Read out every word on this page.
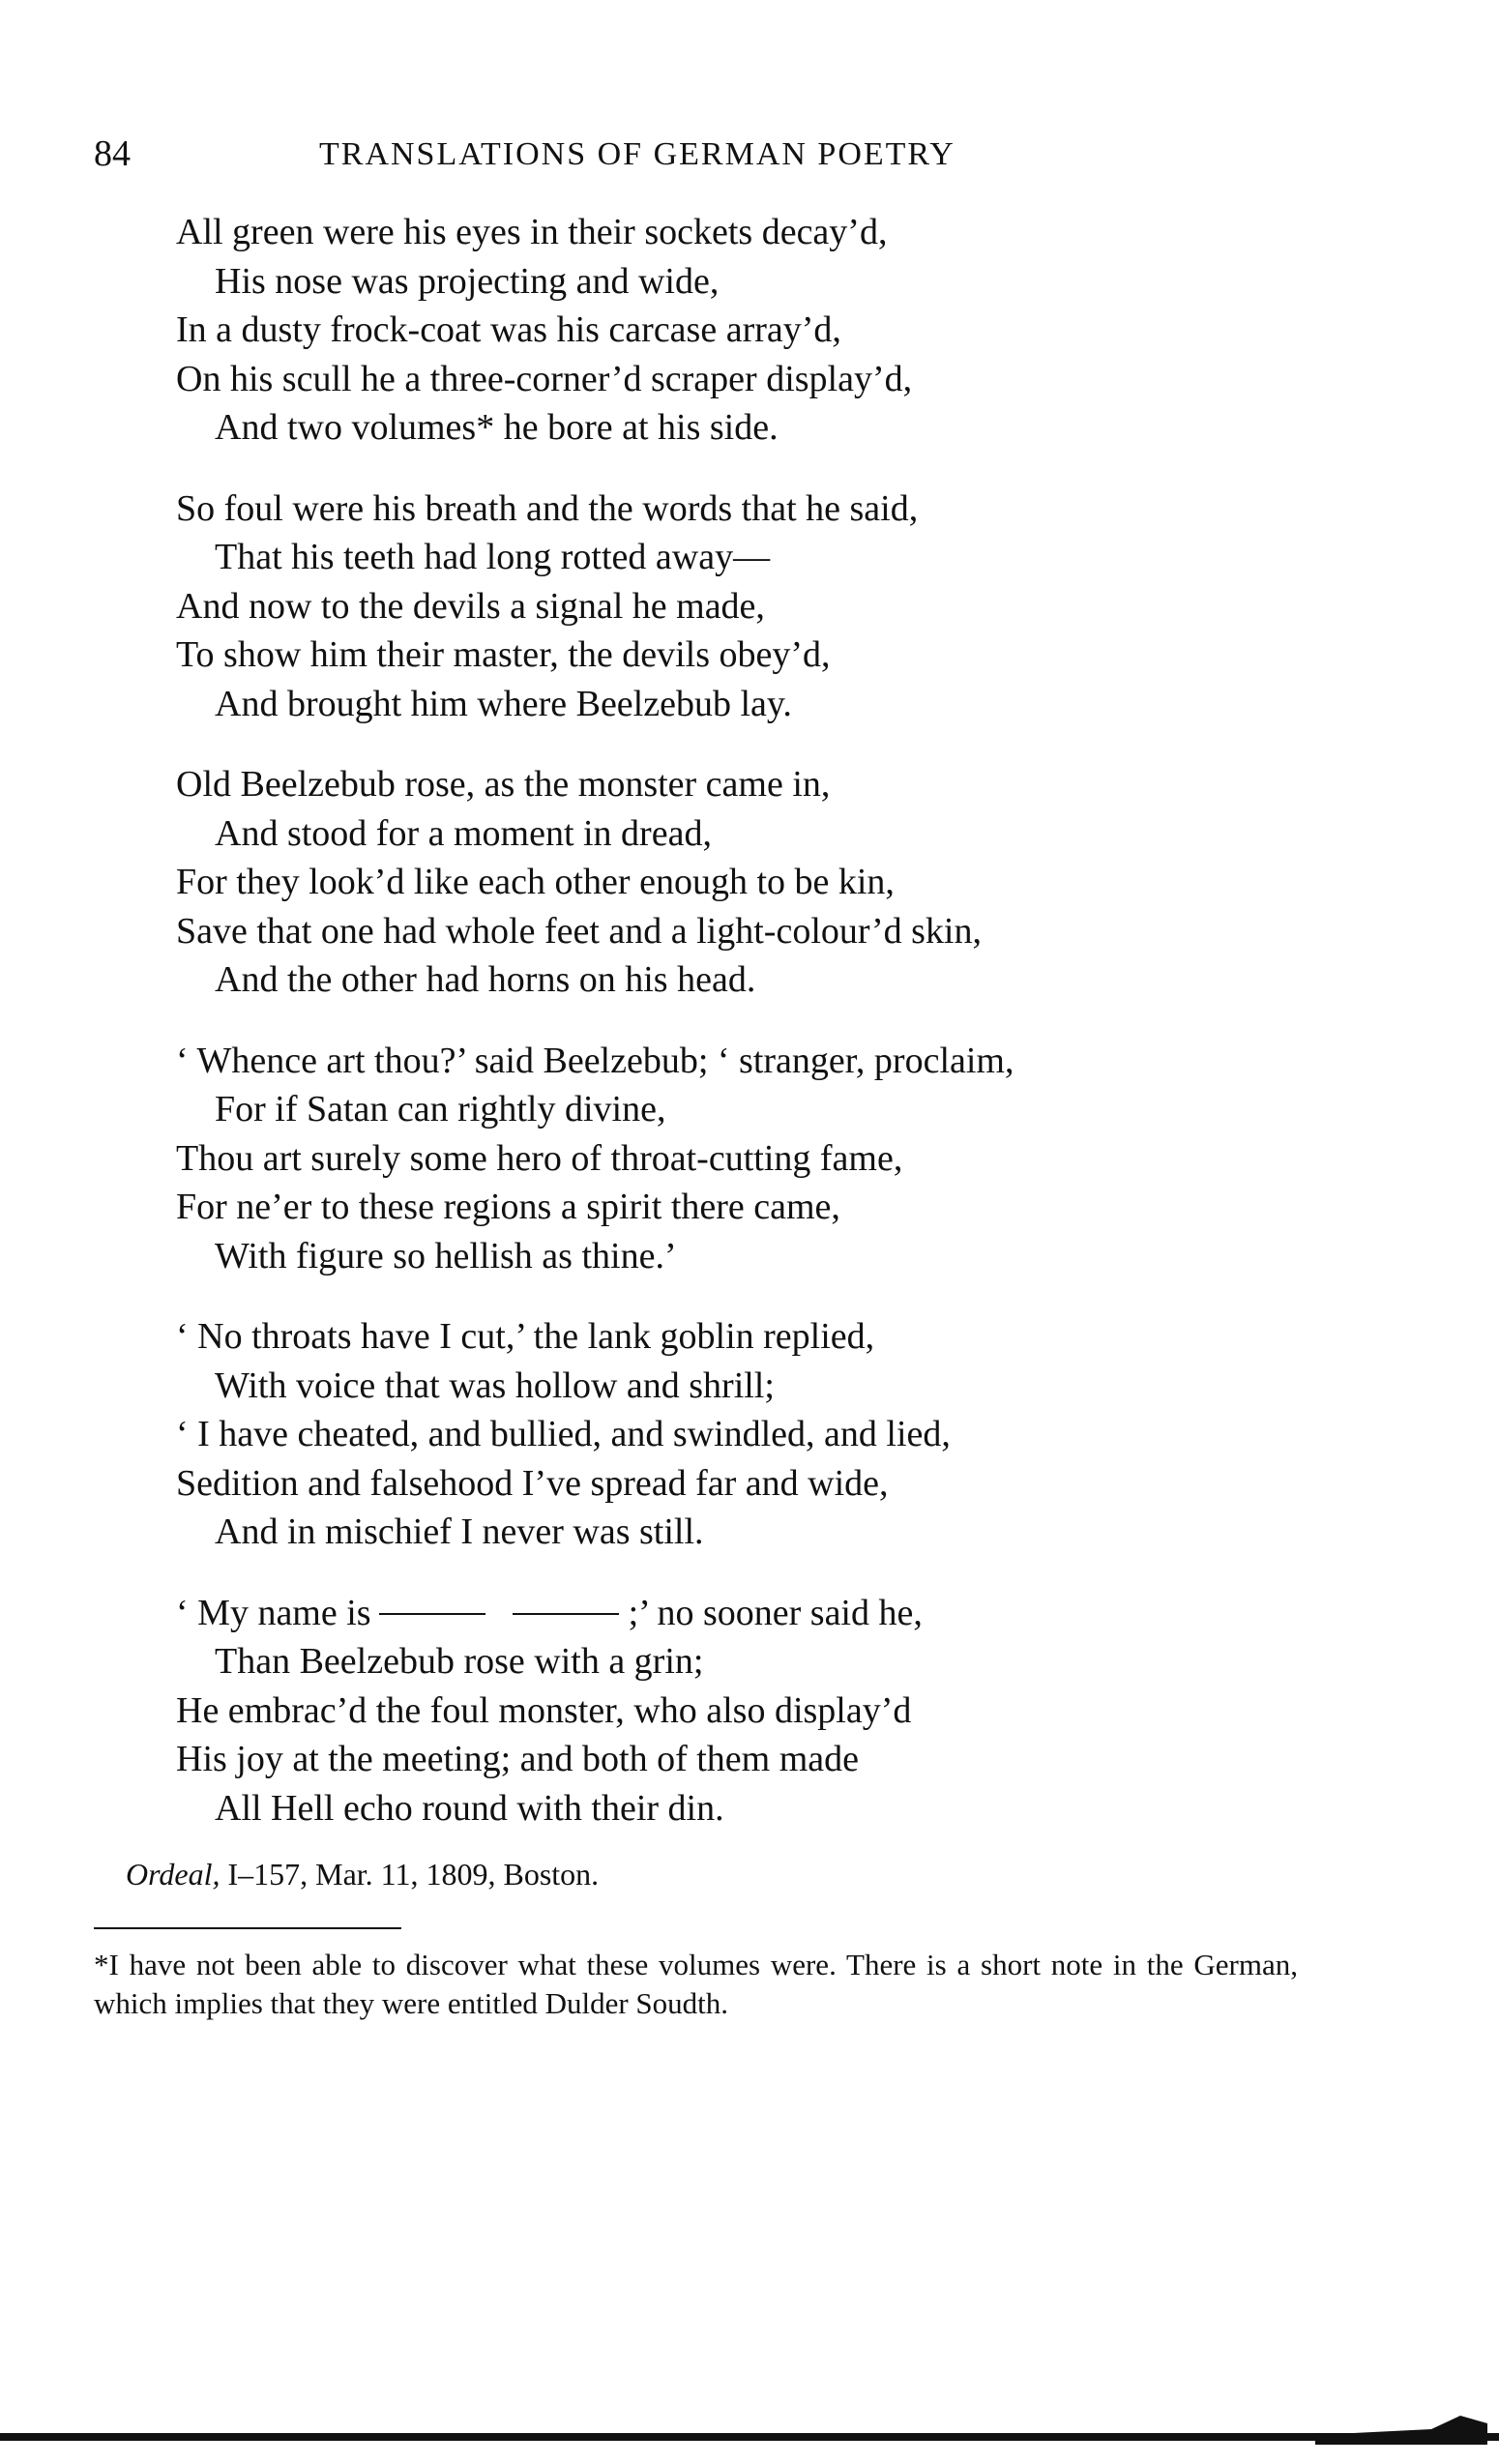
84	TRANSLATIONS OF GERMAN POETRY
All green were his eyes in their sockets decay’d,
His nose was projecting and wide,
In a dusty frock-coat was his carcase array’d,
On his scull he a three-corner’d scraper display’d,
And two volumes* he bore at his side.
So foul were his breath and the words that he said,
That his teeth had long rotted away—
And now to the devils a signal he made,
To show him their master, the devils obey’d,
And brought him where Beelzebub lay.
Old Beelzebub rose, as the monster came in,
And stood for a moment in dread,
For they look’d like each other enough to be kin,
Save that one had whole feet and a light-colour’d skin,
And the other had horns on his head.
‘ Whence art thou?’ said Beelzebub; ‘ stranger, proclaim,
For if Satan can rightly divine,
Thou art surely some hero of throat-cutting fame,
For ne’er to these regions a spirit there came,
With figure so hellish as thine.’
‘ No throats have I cut,’ the lank goblin replied,
With voice that was hollow and shrill;
‘ I have cheated, and bullied, and swindled, and lied,
Sedition and falsehood I’ve spread far and wide,
And in mischief I never was still.
‘ My name is	;’ no sooner said he,
Than Beelzebub rose with a grin;
He embrac’d the foul monster, who also display’d
His joy at the meeting; and both of them made
All Hell echo round with their din.
Ordeal, I–157, Mar. 11, 1809, Boston.
*I have not been able to discover what these volumes were. There is a short note in the German, which implies that they were entitled Dulder Soudth.
